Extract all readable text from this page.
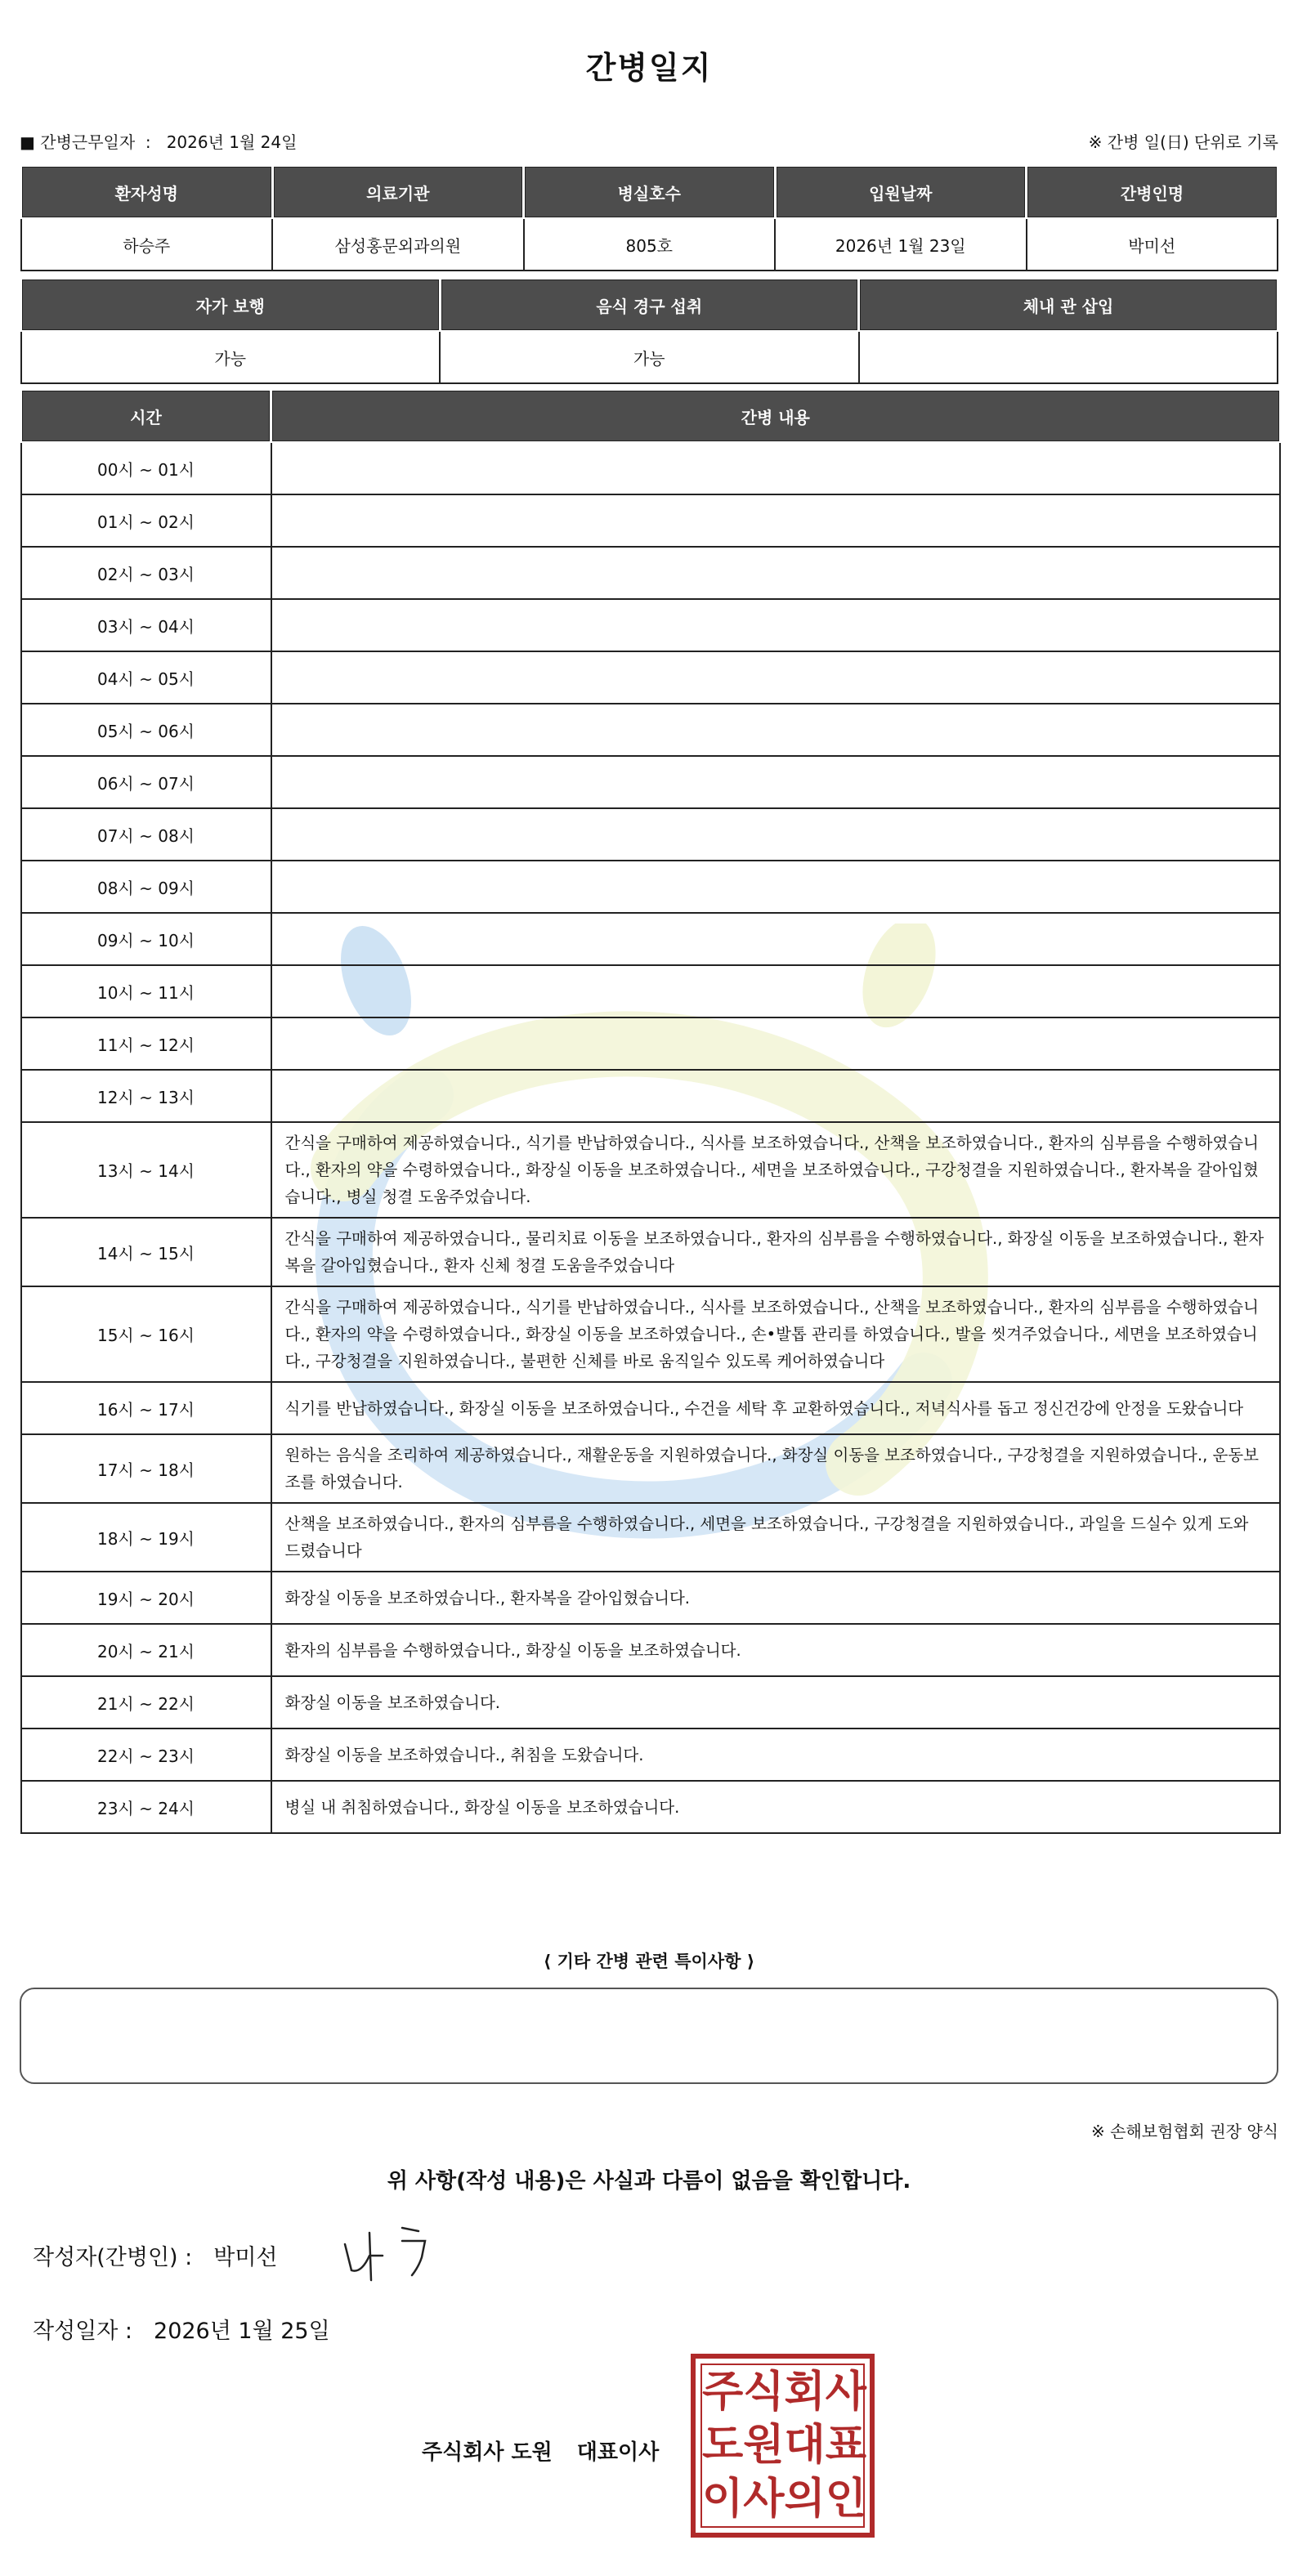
간병일지
■ 간병근무일자  :   2026년 1월 24일	※ 간병 일(日) 단위로 기록
환자성명	의료기관	병실호수	입원날짜	간병인명
하승주	삼성홍문외과의원	805호	2026년 1월 23일	박미선
자가 보행	음식 경구 섭취	체내 관 삽입
가능	가능	
시간	간병 내용
00시 ~ 01시	
01시 ~ 02시	
02시 ~ 03시	
03시 ~ 04시	
04시 ~ 05시	
05시 ~ 06시	
06시 ~ 07시	
07시 ~ 08시	
08시 ~ 09시	
09시 ~ 10시	
10시 ~ 11시	
11시 ~ 12시	
12시 ~ 13시	
13시 ~ 14시	간식을 구매하여 제공하였습니다., 식기를 반납하였습니다., 식사를 보조하였습니다., 산책을 보조하였습니다., 환자의 심부름을 수행하였습니다., 환자의 약을 수령하였습니다., 화장실 이동을 보조하였습니다., 세면을 보조하였습니다., 구강청결을 지원하였습니다., 환자복을 갈아입혔습니다., 병실 청결 도움주었습니다.
14시 ~ 15시	간식을 구매하여 제공하였습니다., 물리치료 이동을 보조하였습니다., 환자의 심부름을 수행하였습니다., 화장실 이동을 보조하였습니다., 환자복을 갈아입혔습니다., 환자 신체 청결 도움을주었습니다
15시 ~ 16시	간식을 구매하여 제공하였습니다., 식기를 반납하였습니다., 식사를 보조하였습니다., 산책을 보조하였습니다., 환자의 심부름을 수행하였습니다., 환자의 약을 수령하였습니다., 화장실 이동을 보조하였습니다., 손•발톱 관리를 하였습니다., 발을 씻겨주었습니다., 세면을 보조하였습니다., 구강청결을 지원하였습니다., 불편한 신체를 바로 움직일수 있도록 케어하였습니다
16시 ~ 17시	식기를 반납하였습니다., 화장실 이동을 보조하였습니다., 수건을 세탁 후 교환하였습니다., 저녁식사를 돕고 정신건강에 안정을 도왔습니다
17시 ~ 18시	원하는 음식을 조리하여 제공하였습니다., 재활운동을 지원하였습니다., 화장실 이동을 보조하였습니다., 구강청결을 지원하였습니다., 운동보조를 하였습니다.
18시 ~ 19시	산책을 보조하였습니다., 환자의 심부름을 수행하였습니다., 세면을 보조하였습니다., 구강청결을 지원하였습니다., 과일을 드실수 있게 도와 드렸습니다
19시 ~ 20시	화장실 이동을 보조하였습니다., 환자복을 갈아입혔습니다.
20시 ~ 21시	환자의 심부름을 수행하였습니다., 화장실 이동을 보조하였습니다.
21시 ~ 22시	화장실 이동을 보조하였습니다.
22시 ~ 23시	화장실 이동을 보조하였습니다., 취침을 도왔습니다.
23시 ~ 24시	병실 내 취침하였습니다., 화장실 이동을 보조하였습니다.
⟨ 기타 간병 관련 특이사항 ⟩
※ 손해보험협회 권장 양식
위 사항(작성 내용)은 사실과 다름이 없음을 확인합니다.
작성자(간병인) : 박미선
작성일자 : 2026년 1월 25일
주식회사 도원 대표이사
주 식 회 사
도 원 대 표
이 사 의 인
